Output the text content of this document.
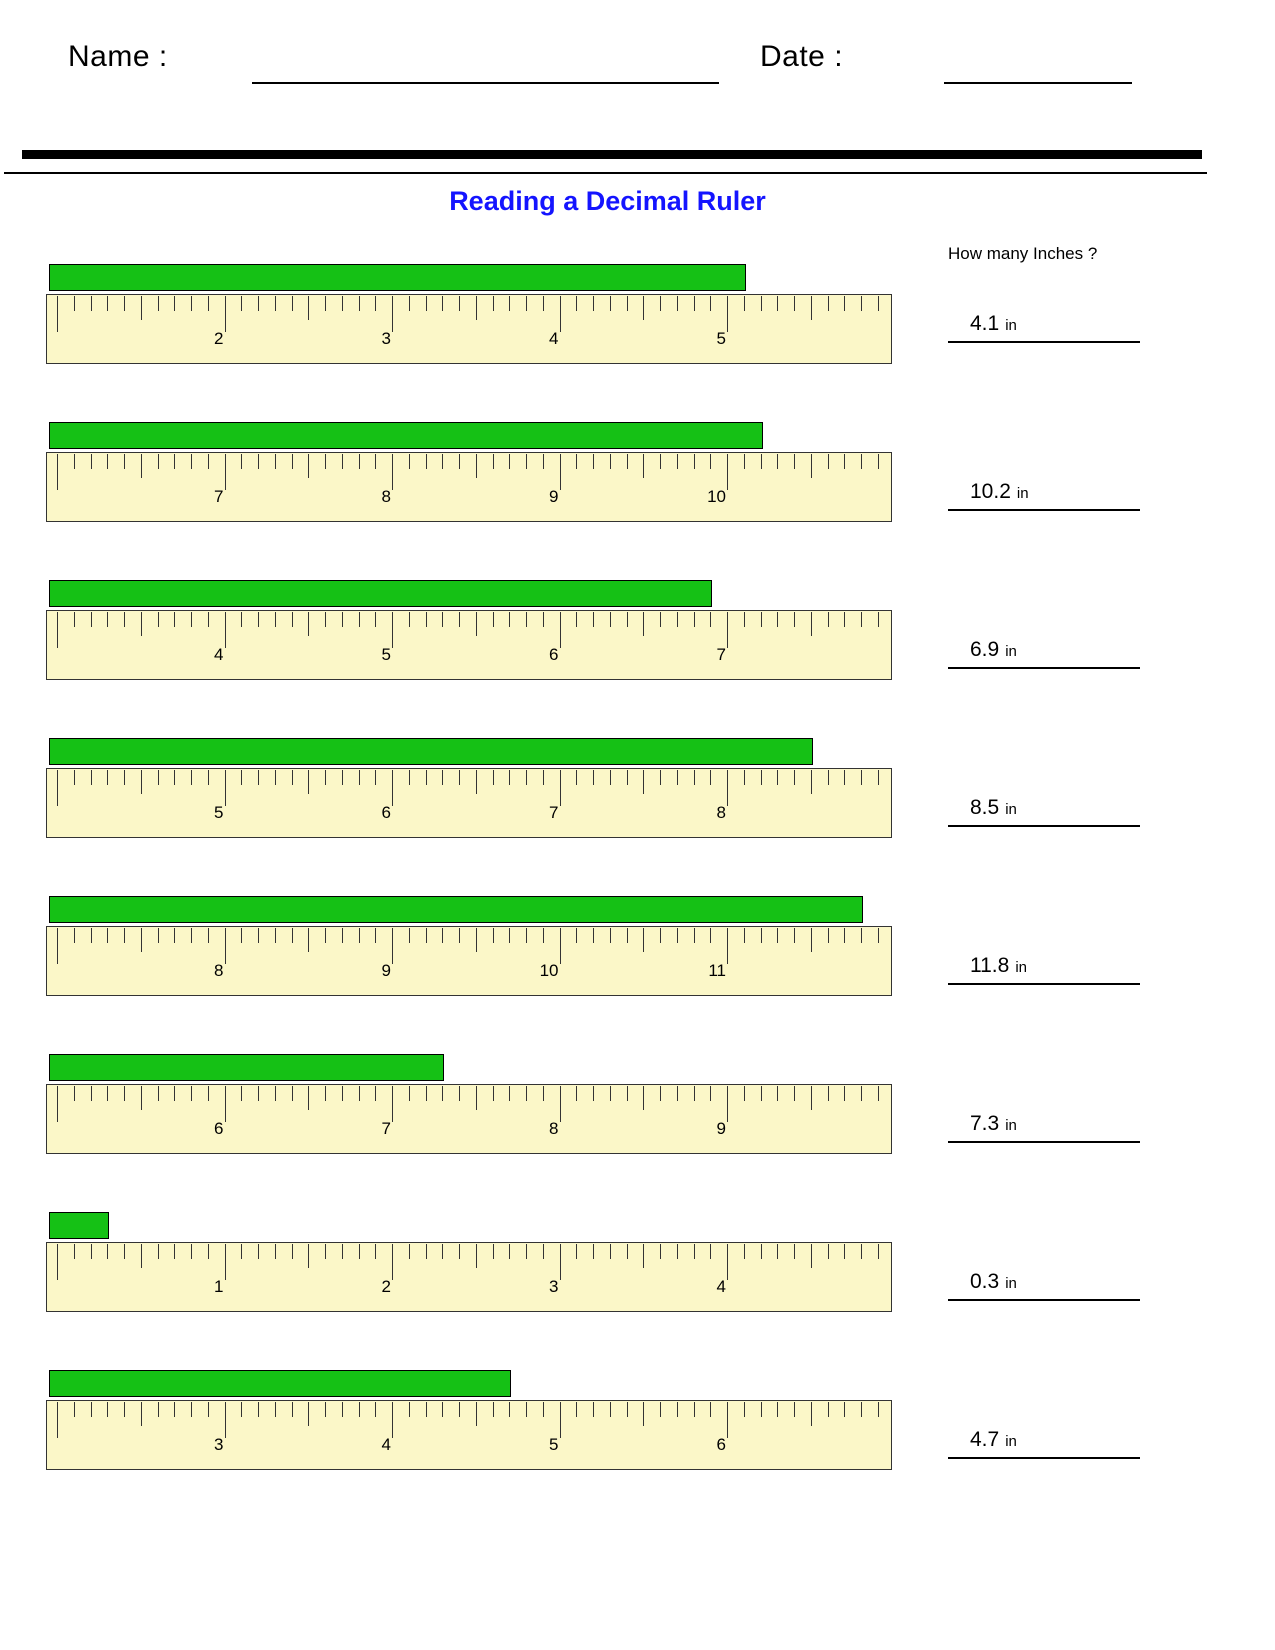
Name :	Date :
Reading a Decimal Ruler
How many Inches ?
2	3	4	5
4.1 in
7	8	9	10	10.2 in
4	5	6	7	6.9 in
5	6	7	8	8.5 in
8	9	10	11	11.8 in
6	7	8	9	7.3 in
1	2	3	4	0.3 in
3	4	5	6	4.7 in
